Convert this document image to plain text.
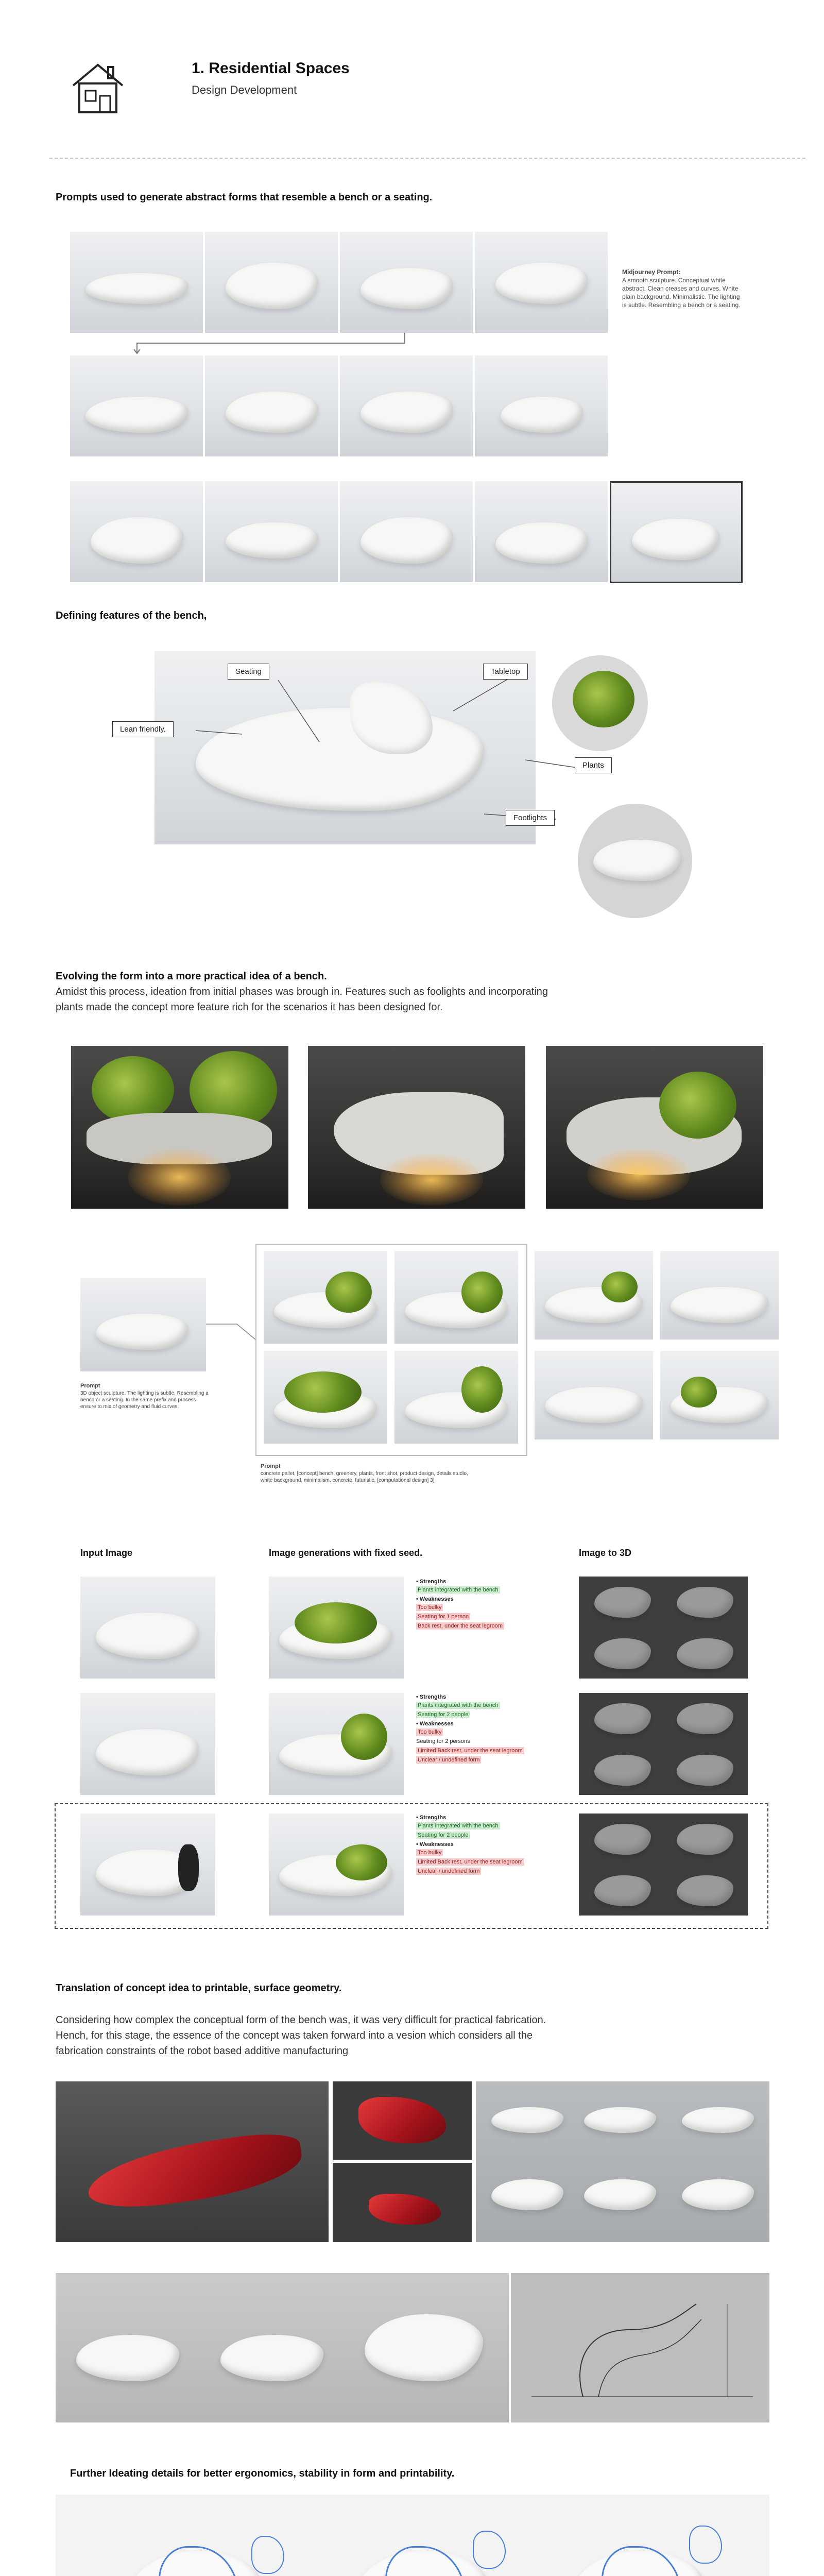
1. Residential Spaces
Design Development
Prompts used to generate abstract forms that resemble a bench or a seating.
Midjourney Prompt:
A smooth sculpture. Conceptual white abstract. Clean creases and curves. White plain background. Minimalistic. The lighting is subtle. Resembling a bench or a seating.
Defining features of the bench,
Seating	Tabletop
Lean friendly.
Plants
Footlights
Evolving the form into a more practical idea of a bench.
Amidst this process, ideation from initial phases was brough in. Features such as foolights and incorporating plants made the concept more feature rich for the scenarios it has been designed for.
Prompt
3D object sculpture. The lighting is subtle. Resembling a bench or a seating. In the same prefix and process ensure to mix of geometry and fluid curves.
Prompt
concrete pallet, [concept] bench, greenery, plants, front shot, product design, details studio, white background, minimalism, concrete, futuristic, [computational design] 3]
Input Image	Image generations with fixed seed.	Image to 3D
• Strengths
Plants integrated with the bench
• Weaknesses
Too bulky
Seating for 1 person
Back rest, under the seat legroom
• Strengths
Plants integrated with the bench
Seating for 2 people
• Weaknesses
Too bulky
Seating for 2 persons
Limited Back rest, under the seat legroom
Unclear / undefined form
• Strengths
Plants integrated with the bench
Seating for 2 people
• Weaknesses
Too bulky
Limited Back rest, under the seat legroom
Unclear / undefined form
Translation of concept idea to printable, surface geometry.
Considering how complex the conceptual form of the bench was, it was very difficult for practical fabrication. Hench, for this stage, the essence of the concept was taken forward into a vesion which considers all the fabrication constraints of the robot based additive manufacturing
Further Ideating details for better ergonomics, stability in form and printability.
